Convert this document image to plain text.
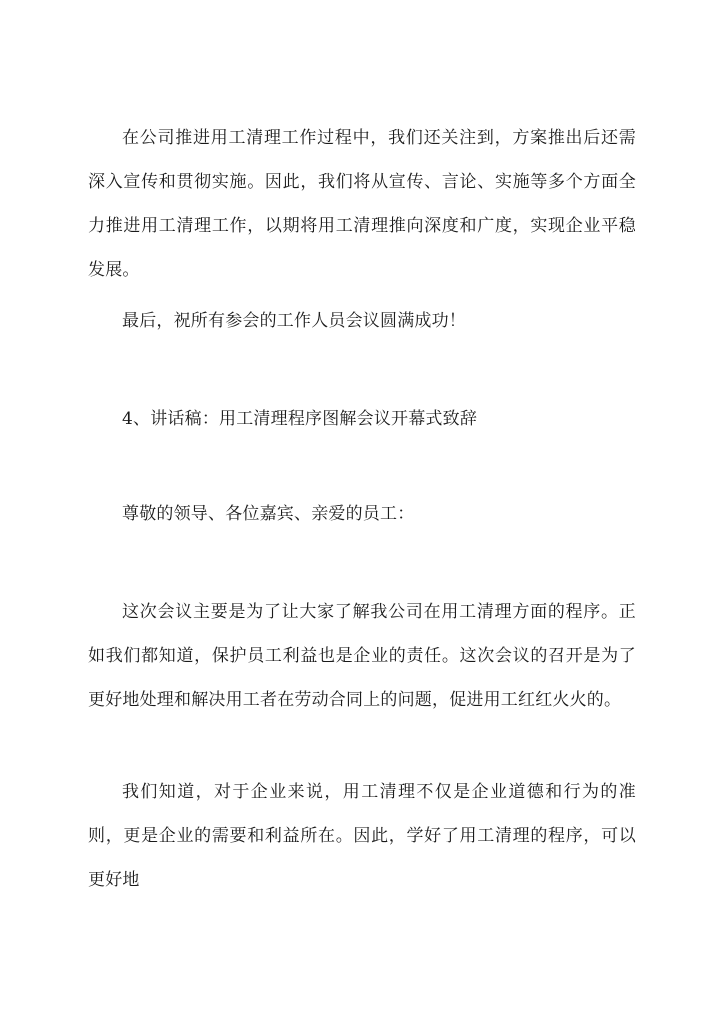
在公司推进用工清理工作过程中，我们还关注到，方案推出后还需深入宣传和贯彻实施。因此，我们将从宣传、言论、实施等多个方面全力推进用工清理工作，以期将用工清理推向深度和广度，实现企业平稳发展。

最后，祝所有参会的工作人员会议圆满成功！

4、讲话稿：用工清理程序图解会议开幕式致辞

尊敬的领导、各位嘉宾、亲爱的员工：

这次会议主要是为了让大家了解我公司在用工清理方面的程序。正如我们都知道，保护员工利益也是企业的责任。这次会议的召开是为了更好地处理和解决用工者在劳动合同上的问题，促进用工红红火火的。

我们知道，对于企业来说，用工清理不仅是企业道德和行为的准则，更是企业的需要和利益所在。因此，学好了用工清理的程序，可以更好地
